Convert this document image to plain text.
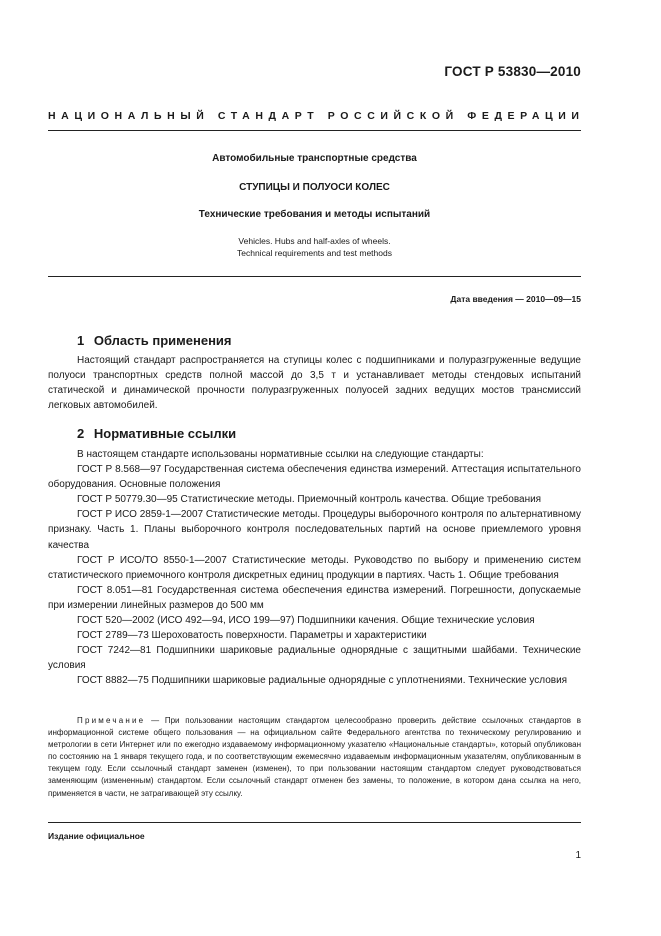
ГОСТ Р 53830—2010
НАЦИОНАЛЬНЫЙ СТАНДАРТ РОССИЙСКОЙ ФЕДЕРАЦИИ
Автомобильные транспортные средства
СТУПИЦЫ И ПОЛУОСИ КОЛЕС
Технические требования и методы испытаний
Vehicles. Hubs and half-axles of wheels.
Technical requirements and test methods
Дата введения — 2010—09—15
1 Область применения

Настоящий стандарт распространяется на ступицы колес с подшипниками и полуразгруженные ведущие полуоси транспортных средств полной массой до 3,5 т и устанавливает методы стендовых испытаний статической и динамической прочности полуразгруженных полуосей задних ведущих мостов трансмиссий легковых автомобилей.

2 Нормативные ссылки

В настоящем стандарте использованы нормативные ссылки на следующие стандарты:

ГОСТ Р 8.568—97 Государственная система обеспечения единства измерений. Аттестация испытательного оборудования. Основные положения

ГОСТ Р 50779.30—95 Статистические методы. Приемочный контроль качества. Общие требования

ГОСТ Р ИСО 2859-1—2007 Статистические методы. Процедуры выборочного контроля по альтернативному признаку. Часть 1. Планы выборочного контроля последовательных партий на основе приемлемого уровня качества

ГОСТ Р ИСО/ТО 8550-1—2007 Статистические методы. Руководство по выбору и применению систем статистического приемочного контроля дискретных единиц продукции в партиях. Часть 1. Общие требования

ГОСТ 8.051—81 Государственная система обеспечения единства измерений. Погрешности, допускаемые при измерении линейных размеров до 500 мм

ГОСТ 520—2002 (ИСО 492—94, ИСО 199—97) Подшипники качения. Общие технические условия

ГОСТ 2789—73 Шероховатость поверхности. Параметры и характеристики

ГОСТ 7242—81 Подшипники шариковые радиальные однорядные с защитными шайбами. Технические условия

ГОСТ 8882—75 Подшипники шариковые радиальные однорядные с уплотнениями. Технические условия

Примечание — При пользовании настоящим стандартом целесообразно проверить действие ссылочных стандартов в информационной системе общего пользования — на официальном сайте Федерального агентства по техническому регулированию и метрологии в сети Интернет или по ежегодно издаваемому информационному указателю «Национальные стандарты», который опубликован по состоянию на 1 января текущего года, и по соответствующим ежемесячно издаваемым информационным указателям, опубликованным в текущем году. Если ссылочный стандарт заменен (изменен), то при пользовании настоящим стандартом следует руководствоваться заменяющим (измененным) стандартом. Если ссылочный стандарт отменен без замены, то положение, в котором дана ссылка на него, применяется в части, не затрагивающей эту ссылку.

Издание официальное
1
